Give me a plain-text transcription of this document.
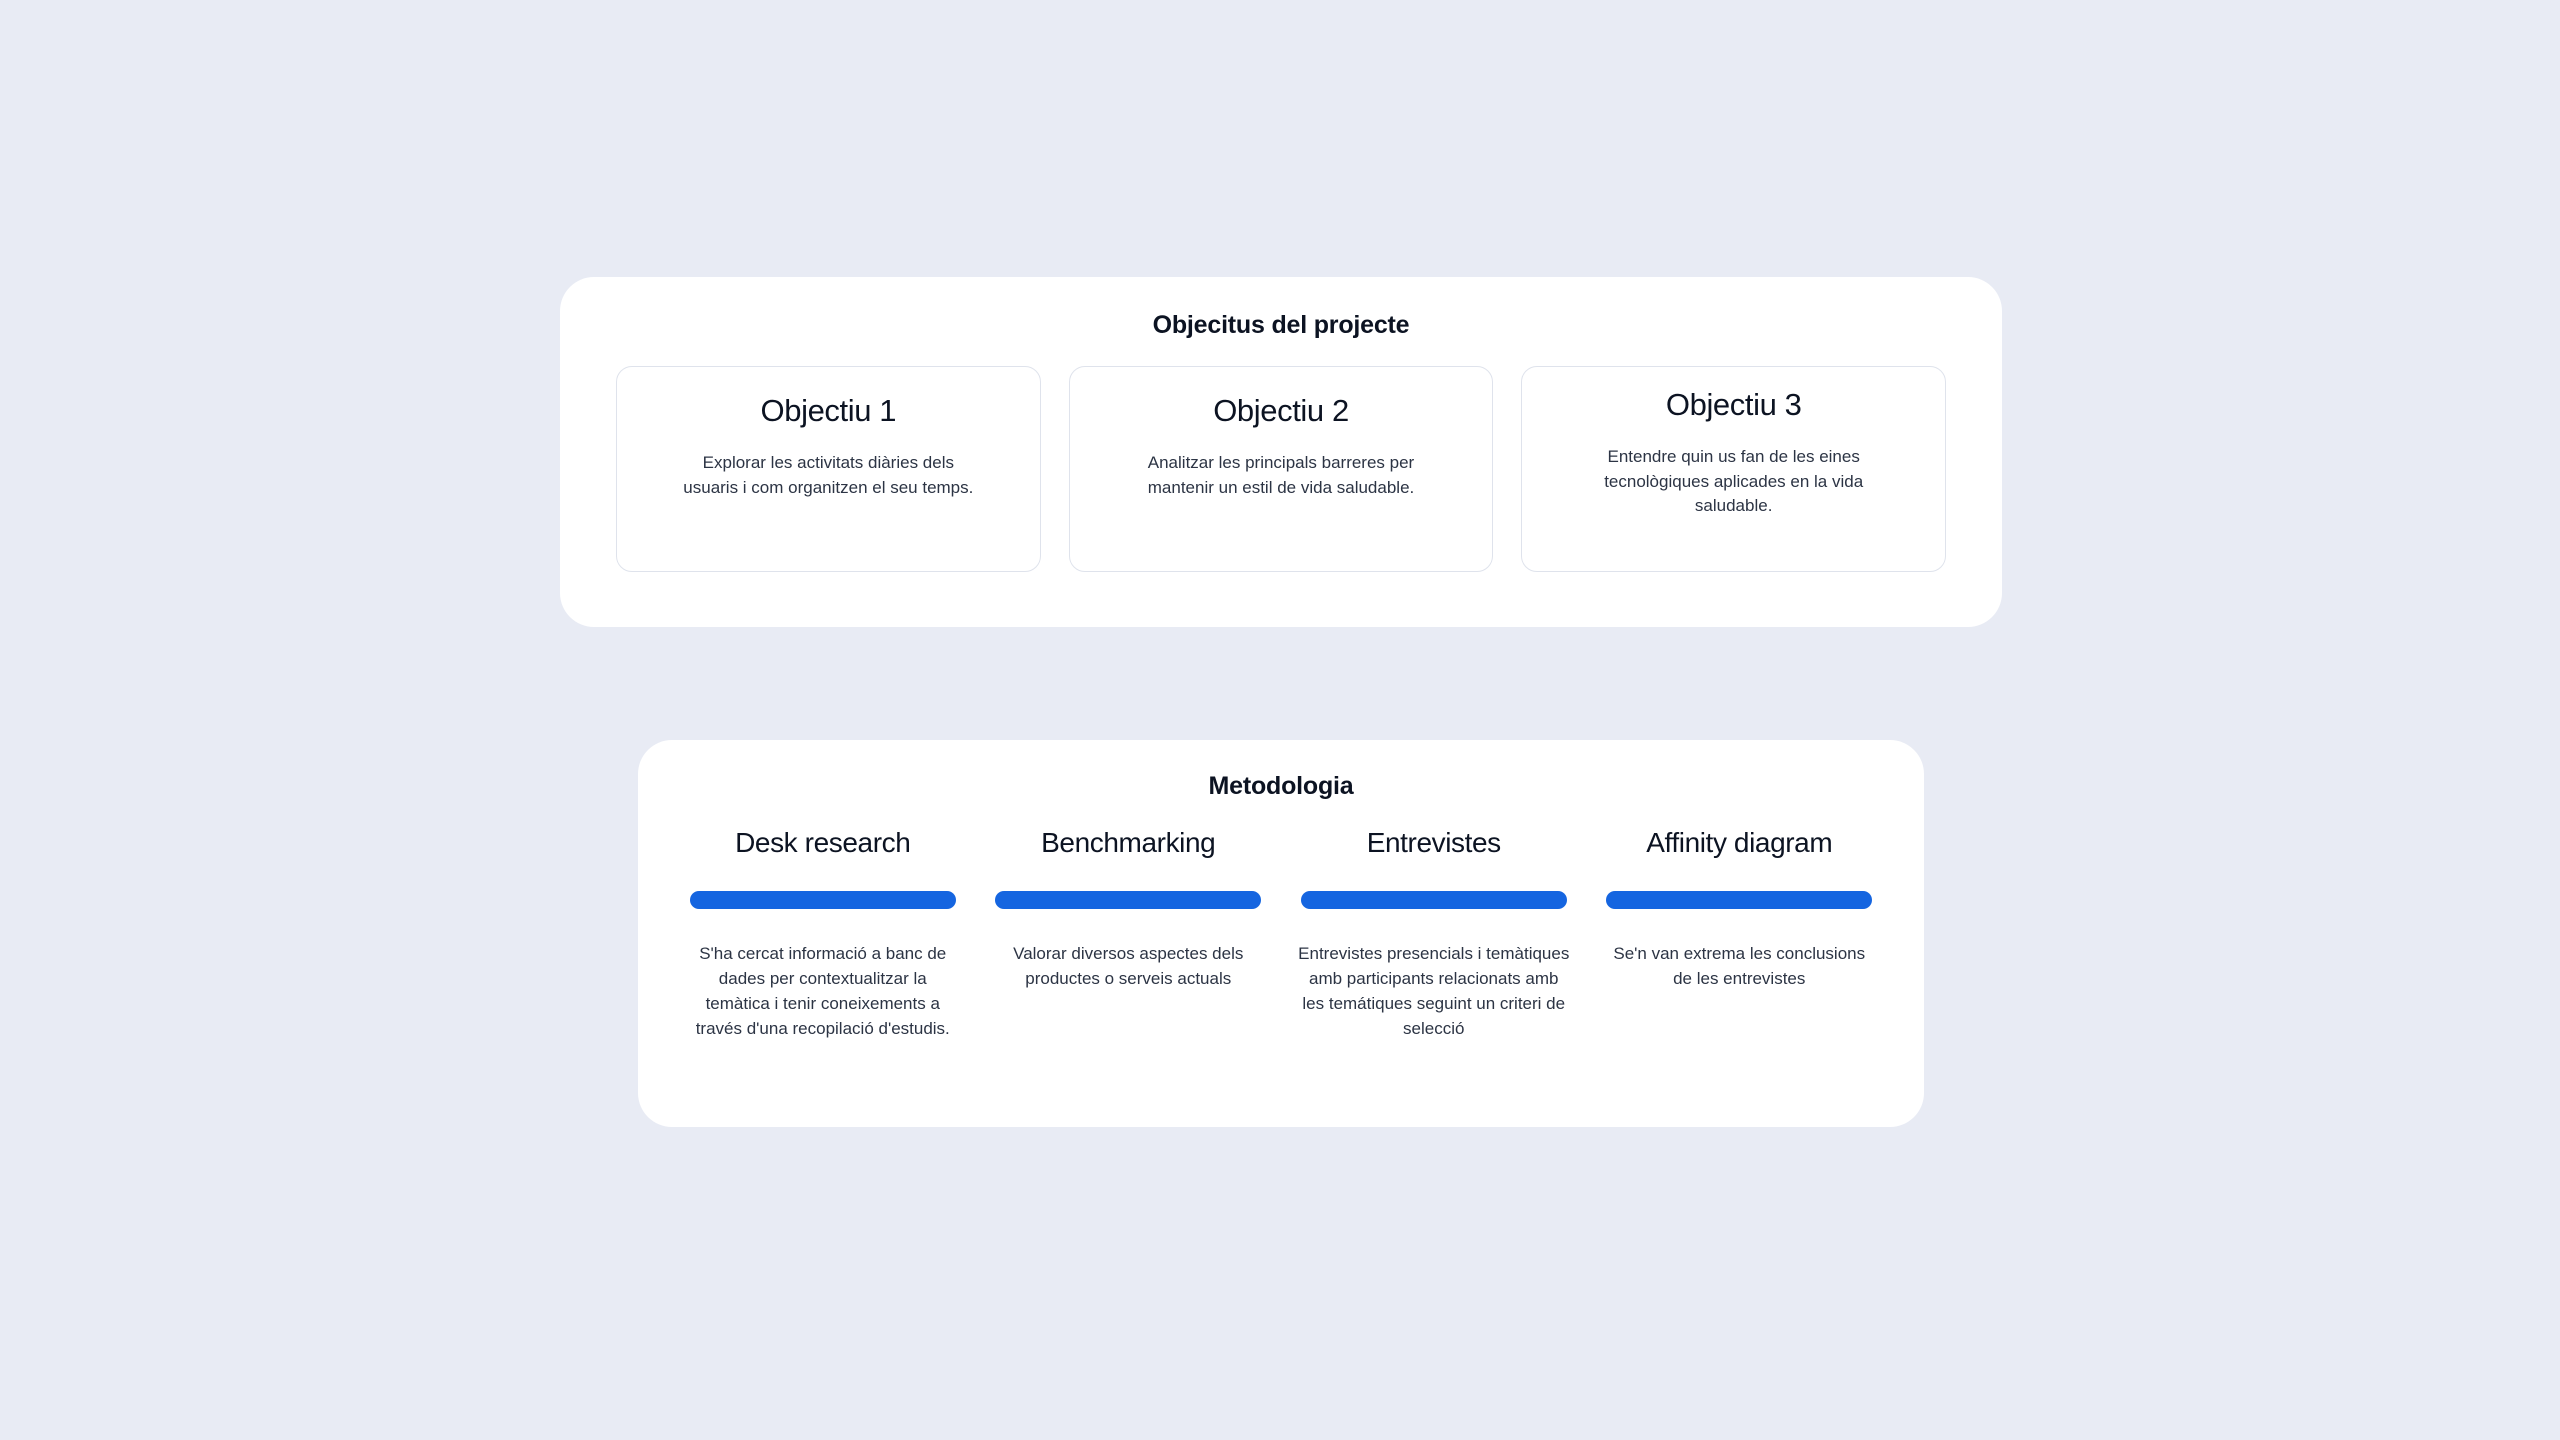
Objecitus del projecte
Objectiu 1

Explorar les activitats diàries dels usuaris i com organitzen el seu temps.

Objectiu 2

Analitzar les principals barreres per mantenir un estil de vida saludable.

Objectiu 3

Entendre quin us fan de les eines tecnològiques aplicades en la vida saludable.

Metodologia
Desk research

S'ha cercat informació a banc de dades per contextualitzar la temàtica i tenir coneixements a través d'una recopilació d'estudis.

Benchmarking

Valorar diversos aspectes dels productes o serveis actuals

Entrevistes

Entrevistes presencials i temàtiques amb participants relacionats amb les temátiques seguint un criteri de selecció

Affinity diagram

Se'n van extrema les conclusions de les entrevistes
